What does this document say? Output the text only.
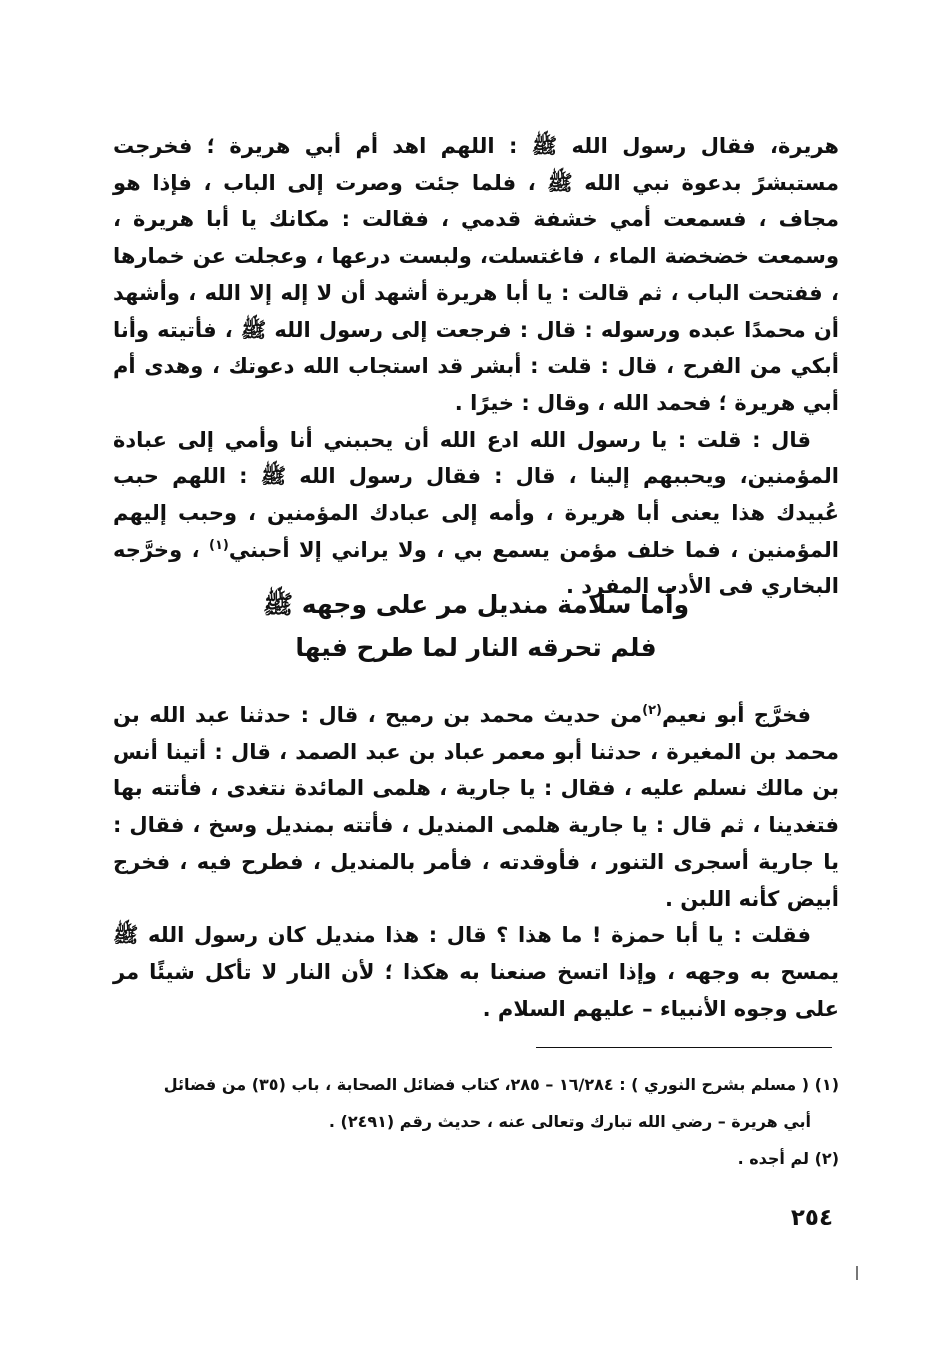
هريرة، فقال رسول الله ﷺ : اللهم اهد أم أبي هريرة ؛ فخرجت مستبشرً بدعوة نبي الله ﷺ ، فلما جئت وصرت إلى الباب ، فإذا هو مجاف ، فسمعت أمي خشفة قدمي ، فقالت : مكانك يا أبا هريرة ، وسمعت خضخضة الماء ، فاغتسلت، ولبست درعها ، وعجلت عن خمارها ، ففتحت الباب ، ثم قالت : يا أبا هريرة أشهد أن لا إله إلا الله ، وأشهد أن محمدًا عبده ورسوله : قال : فرجعت إلى رسول الله ﷺ ، فأتيته وأنا أبكي من الفرح ، قال : قلت : أبشر قد استجاب الله دعوتك ، وهدى أم أبي هريرة ؛ فحمد الله ، وقال : خيرًا .

قال : قلت : يا رسول الله ادع الله أن يحببني أنا وأمي إلى عبادة المؤمنين، ويحببهم إلينا ، قال : فقال رسول الله ﷺ : اللهم حبب عُبيدك هذا يعنى أبا هريرة ، وأمه إلى عبادك المؤمنين ، وحبب إليهم المؤمنين ، فما خلف مؤمن يسمع بي ، ولا يراني إلا أحبني$^{(١)}$ ، وخرَّجه البخاري فى الأدب المفرد .

وأما سلامة منديل مر على وجهه ﷺ
فلم تحرقه النار لما طرح فيها

فخرَّج أبو نعيم$^{(٢)}$من حديث محمد بن رميح ، قال : حدثنا عبد الله بن محمد بن المغيرة ، حدثنا أبو معمر عباد بن عبد الصمد ، قال : أتينا أنس بن مالك نسلم عليه ، فقال : يا جارية ، هلمى المائدة نتغدى ، فأتته بها فتغدينا ، ثم قال : يا جارية هلمى المنديل ، فأتته بمنديل وسخ ، فقال : يا جارية أسجرى التنور ، فأوقدته ، فأمر بالمنديل ، فطرح فيه ، فخرج أبيض كأنه اللبن .

فقلت : يا أبا حمزة ! ما هذا ؟ قال : هذا منديل كان رسول الله ﷺ يمسح به وجهه ، وإذا اتسخ صنعنا به هكذا ؛ لأن النار لا تأكل شيئًا مر على وجوه الأنبياء – عليهم السلام .

(١) ( مسلم بشرح النوري ) : ١٦/٢٨٤ – ٢٨٥، كتاب فضائل الصحابة ، باب (٣٥) من فضائل

أبي هريرة – رضي الله تبارك وتعالى عنه ، حديث رقم (٢٤٩١) .

(٢) لم أجده .

٢٥٤
